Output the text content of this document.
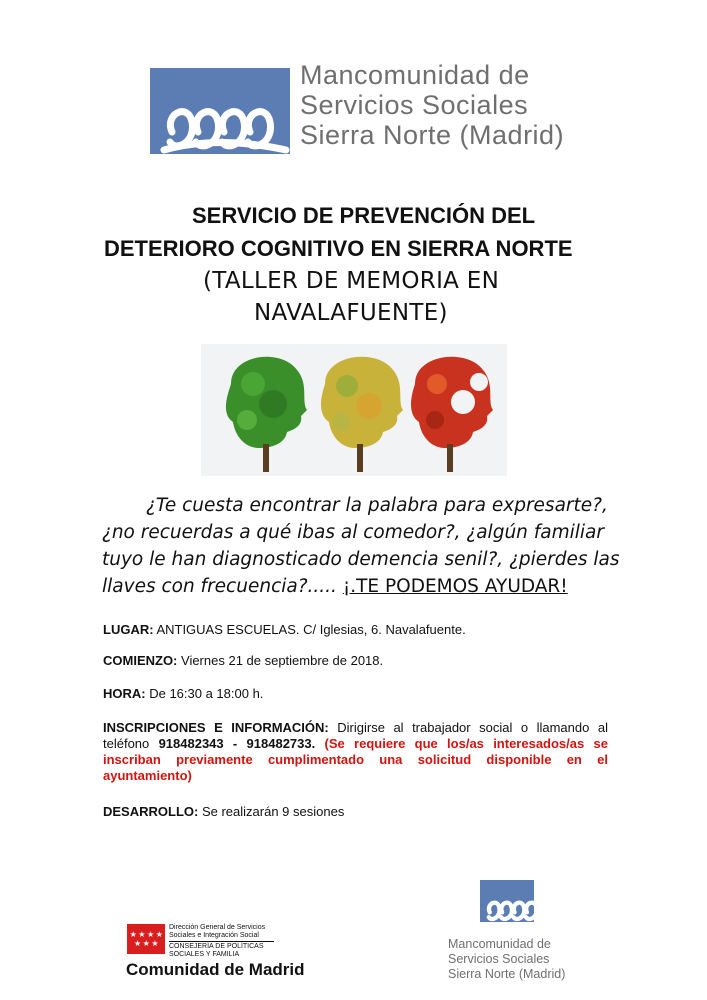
Mancomunidad de
Servicios Sociales
Sierra Norte (Madrid)
SERVICIO DE PREVENCIÓN DEL
DETERIORO COGNITIVO EN SIERRA NORTE
(TALLER DE MEMORIA EN
NAVALAFUENTE)
¿Te cuesta encontrar la palabra para expresarte?, ¿no recuerdas a qué ibas al comedor?, ¿algún familiar tuyo le han diagnosticado demencia senil?, ¿pierdes las llaves con frecuencia?..... ¡.TE PODEMOS AYUDAR!
LUGAR: ANTIGUAS ESCUELAS. C/ Iglesias, 6. Navalafuente.
COMIENZO: Viernes 21 de septiembre de 2018.
HORA: De 16:30 a 18:00 h.
INSCRIPCIONES E INFORMACIÓN: Dirigirse al trabajador social o llamando al teléfono 918482343 - 918482733. (Se requiere que los/as interesados/as se inscriban previamente cumplimentado una solicitud disponible en el ayuntamiento)
DESARROLLO: Se realizarán 9 sesiones
★ ★ ★ ★ ★ ★ ★
Dirección General de Servicios
Sociales e Integración Social
CONSEJERÍA DE POLÍTICAS
SOCIALES Y FAMILIA
Comunidad de Madrid
Mancomunidad de
Servicios Sociales
Sierra Norte (Madrid)
